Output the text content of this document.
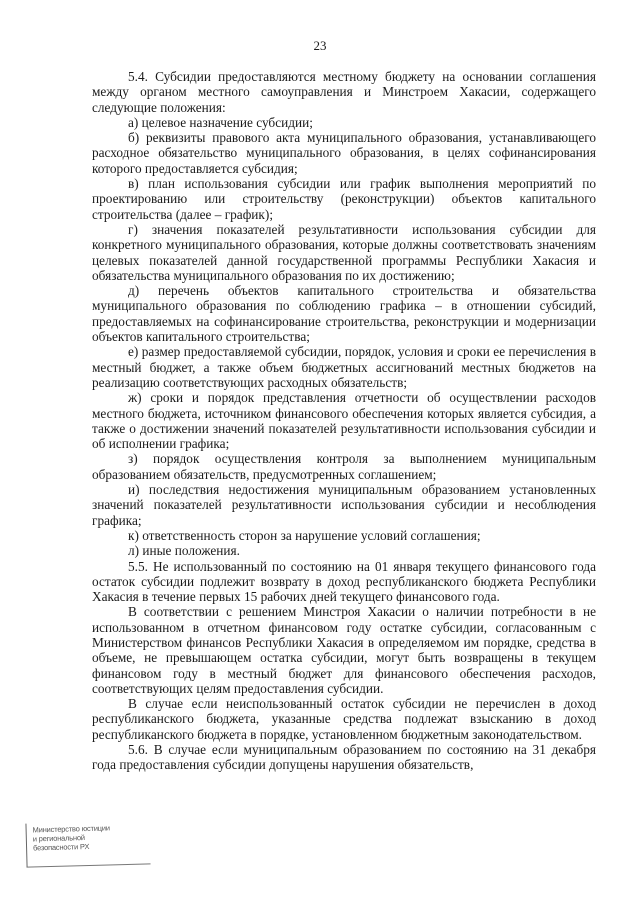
23

5.4. Субсидии предоставляются местному бюджету на основании соглашения между органом местного самоуправления и Минстроем Хакасии, содержащего следующие положения:

а) целевое назначение субсидии;

б) реквизиты правового акта муниципального образования, устанавливающего расходное обязательство муниципального образования, в целях софинансирования которого предоставляется субсидия;

в) план использования субсидии или график выполнения мероприятий по проектированию или строительству (реконструкции) объектов капитального строительства (далее – график);

г) значения показателей результативности использования субсидии для конкретного муниципального образования, которые должны соответствовать значениям целевых показателей данной государственной программы Республики Хакасия и обязательства муниципального образования по их достижению;

д) перечень объектов капитального строительства и обязательства муниципального образования по соблюдению графика – в отношении субсидий, предоставляемых на софинансирование строительства, реконструкции и модернизации объектов капитального строительства;

е) размер предоставляемой субсидии, порядок, условия и сроки ее перечисления в местный бюджет, а также объем бюджетных ассигнований местных бюджетов на реализацию соответствующих расходных обязательств;

ж) сроки и порядок представления отчетности об осуществлении расходов местного бюджета, источником финансового обеспечения которых является субсидия, а также о достижении значений показателей результативности использования субсидии и об исполнении графика;

з) порядок осуществления контроля за выполнением муниципальным образованием обязательств, предусмотренных соглашением;

и) последствия недостижения муниципальным образованием установленных значений показателей результативности использования субсидии и несоблюдения графика;

к) ответственность сторон за нарушение условий соглашения;

л) иные положения.

5.5. Не использованный по состоянию на 01 января текущего финансового года остаток субсидии подлежит возврату в доход республиканского бюджета Республики Хакасия в течение первых 15 рабочих дней текущего финансового года.

В соответствии с решением Минстроя Хакасии о наличии потребности в не использованном в отчетном финансовом году остатке субсидии, согласованным с Министерством финансов Республики Хакасия в определяемом им порядке, средства в объеме, не превышающем остатка субсидии, могут быть возвращены в текущем финансовом году в местный бюджет для финансового обеспечения расходов, соответствующих целям предоставления субсидии.

В случае если неиспользованный остаток субсидии не перечислен в доход республиканского бюджета, указанные средства подлежат взысканию в доход республиканского бюджета в порядке, установленном бюджетным законодательством.

5.6. В случае если муниципальным образованием по состоянию на 31 декабря года предоставления субсидии допущены нарушения обязательств,

Министерство юстиции
и региональной
безопасности РХ
